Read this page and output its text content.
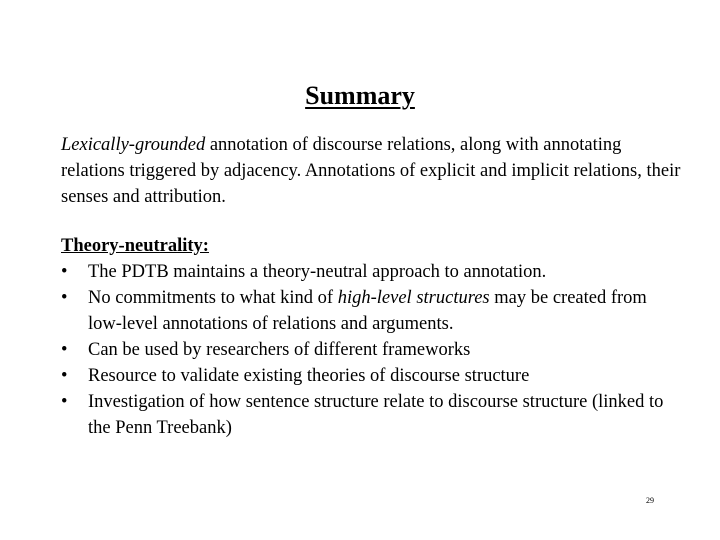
Summary

Lexically-grounded annotation of discourse relations, along with annotating relations triggered by adjacency. Annotations of explicit and implicit relations, their senses and attribution.

Theory-neutrality:

•	The PDTB maintains a theory-neutral approach to annotation.
•	No commitments to what kind of high-level structures may be created from low-level annotations of relations and arguments.
•	Can be used by researchers of different frameworks
•	Resource to validate existing theories of discourse structure
•	Investigation of how sentence structure relate to discourse structure (linked to the Penn Treebank)

29
